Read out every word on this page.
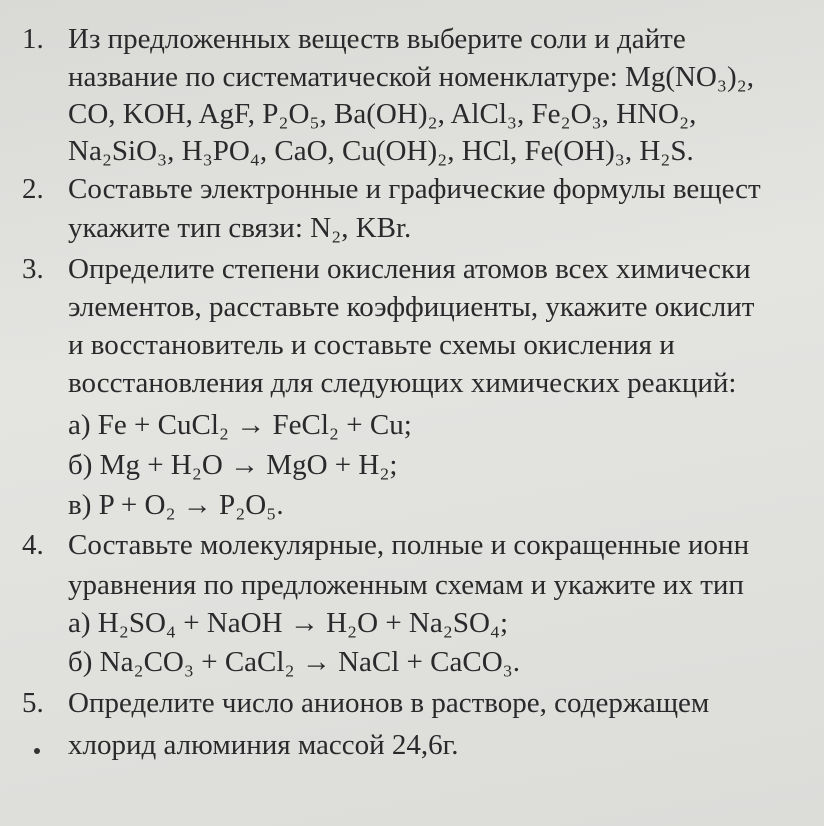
1. Из предложенных веществ выберите соли и дайте
название по систематической номенклатуре: Mg(NO₃)₂,
CO, KOH, AgF, P₂O₅, Ba(OH)₂, AlCl₃, Fe₂O₃, HNO₂,
Na₂SiO₃, H₃PO₄, CaO, Cu(OH)₂, HCl, Fe(OH)₃, H₂S.
2. Составьте электронные и графические формулы вещест
укажите тип связи: N₂, KBr.
3. Определите степени окисления атомов всех химически
элементов, расставьте коэффициенты, укажите окислит
и восстановитель и составьте схемы окисления и
восстановления для следующих химических реакций:
а) Fe + CuCl₂ → FeCl₂ + Cu;
б) Mg + H₂O → MgO + H₂;
в) P + O₂ → P₂O₅.
4. Составьте молекулярные, полные и сокращенные ионн
уравнения по предложенным схемам и укажите их тип
а) H₂SO₄ + NaOH → H₂O + Na₂SO₄;
б) Na₂CO₃ + CaCl₂ → NaCl + CaCO₃.
5. Определите число анионов в растворе, содержащем
хлорид алюминия массой 24,6г.
